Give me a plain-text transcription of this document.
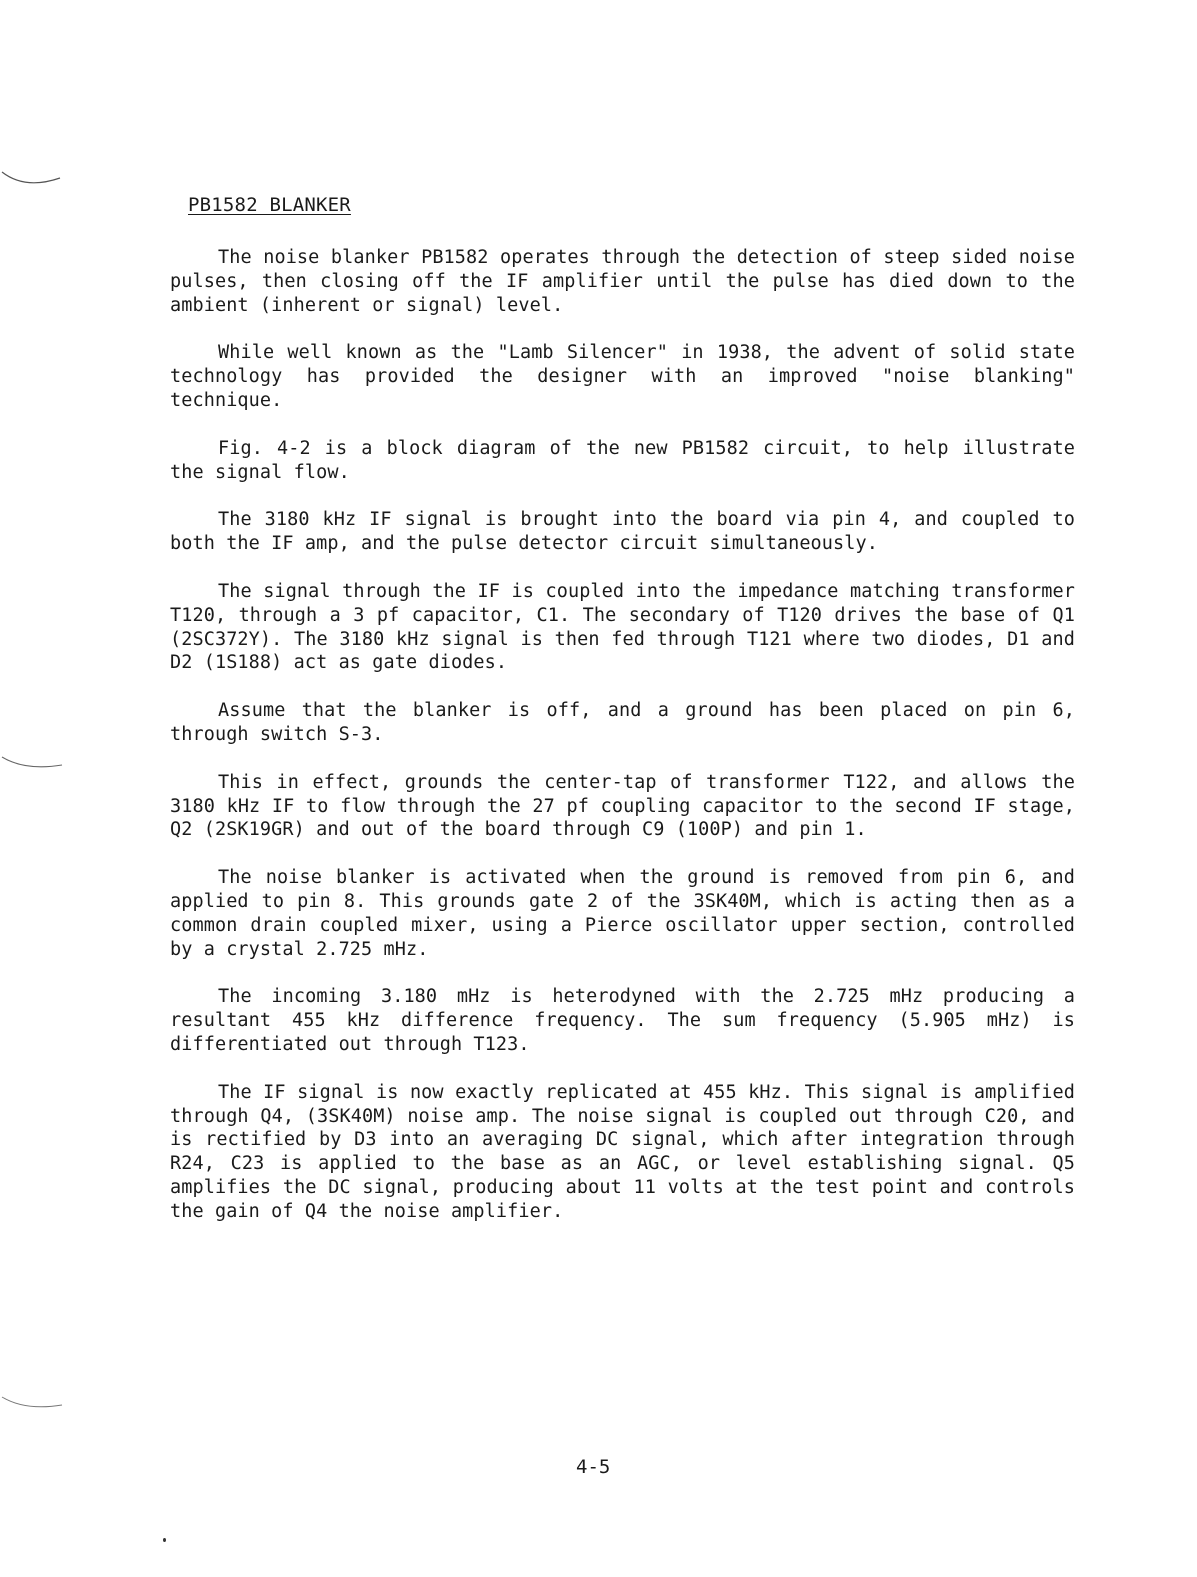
PB1582 BLANKER

The noise blanker PB1582 operates through the detection of steep sided noise pulses, then closing off the IF amplifier until the pulse has died down to the ambient (inherent or signal) level.

While well known as the "Lamb Silencer" in 1938, the advent of solid state technology has provided the designer with an improved "noise blanking" technique.

Fig. 4-2 is a block diagram of the new PB1582 circuit, to help illustrate the signal flow.

The 3180 kHz IF signal is brought into the board via pin 4, and coupled to both the IF amp, and the pulse detector circuit simultaneously.

The signal through the IF is coupled into the impedance matching transformer T120, through a 3 pf capacitor, C1. The secondary of T120 drives the base of Q1 (2SC372Y). The 3180 kHz signal is then fed through T121 where two diodes, D1 and D2 (1S188) act as gate diodes.

Assume that the blanker is off, and a ground has been placed on pin 6, through switch S-3.

This in effect, grounds the center-tap of transformer T122, and allows the 3180 kHz IF to flow through the 27 pf coupling capacitor to the second IF stage, Q2 (2SK19GR) and out of the board through C9 (100P) and pin 1.

The noise blanker is activated when the ground is removed from pin 6, and applied to pin 8. This grounds gate 2 of the 3SK40M, which is acting then as a common drain coupled mixer, using a Pierce oscillator upper section, controlled by a crystal 2.725 mHz.

The incoming 3.180 mHz is heterodyned with the 2.725 mHz producing a resultant 455 kHz difference frequency. The sum frequency (5.905 mHz) is differentiated out through T123.

The IF signal is now exactly replicated at 455 kHz. This signal is amplified through Q4, (3SK40M) noise amp. The noise signal is coupled out through C20, and is rectified by D3 into an averaging DC signal, which after integration through R24, C23 is applied to the base as an AGC, or level establishing signal. Q5 amplifies the DC signal, producing about 11 volts at the test point and controls the gain of Q4 the noise amplifier.

4-5
